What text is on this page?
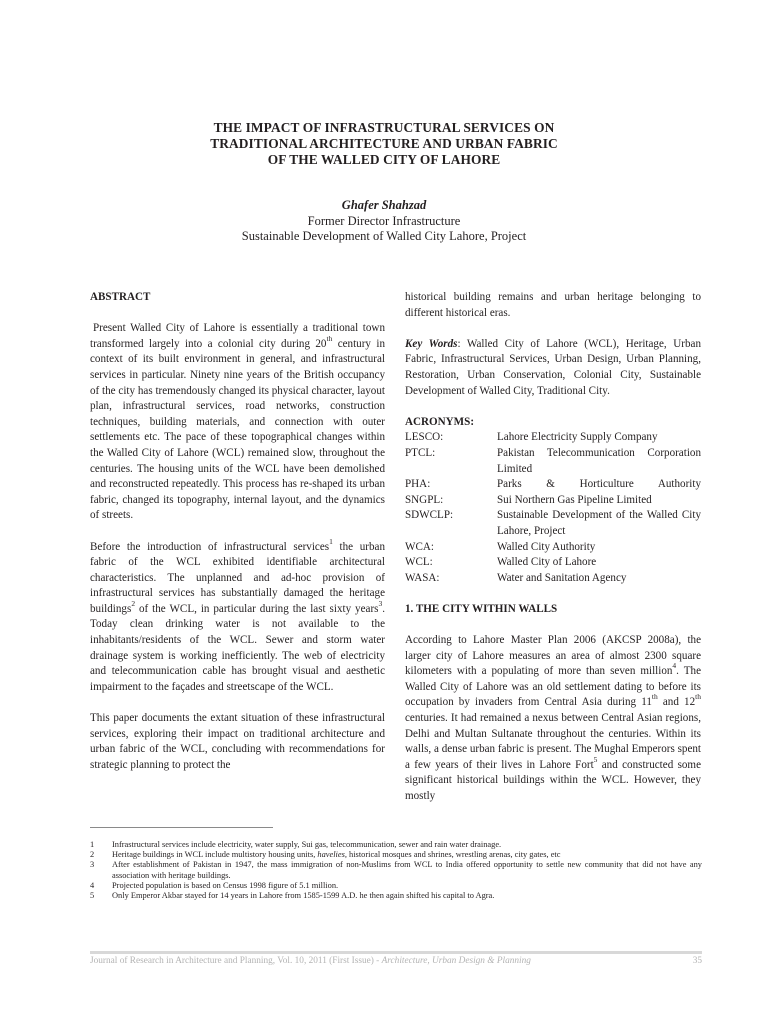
THE IMPACT OF INFRASTRUCTURAL SERVICES ON
TRADITIONAL ARCHITECTURE AND URBAN FABRIC
OF THE WALLED CITY OF LAHORE
Ghafer Shahzad
Former Director Infrastructure
Sustainable Development of Walled City Lahore, Project

ABSTRACT

Present Walled City of Lahore is essentially a traditional town transformed largely into a colonial city during 20th century in context of its built environment in general, and infrastructural services in particular. Ninety nine years of the British occupancy of the city has tremendously changed its physical character, layout plan, infrastructural services, road networks, construction techniques, building materials, and connection with outer settlements etc. The pace of these topographical changes within the Walled City of Lahore (WCL) remained slow, throughout the centuries. The housing units of the WCL have been demolished and reconstructed repeatedly. This process has re-shaped its urban fabric, changed its topography, internal layout, and the dynamics of streets.

Before the introduction of infrastructural services$^1$ the urban fabric of the WCL exhibited identifiable architectural characteristics. The unplanned and ad-hoc provision of infrastructural services has substantially damaged the heritage buildings$^2$ of the WCL, in particular during the last sixty years$^3$. Today clean drinking water is not available to the inhabitants/residents of the WCL. Sewer and storm water drainage system is working inefficiently. The web of electricity and telecommunication cable has brought visual and aesthetic impairment to the façades and streetscape of the WCL.

This paper documents the extant situation of these infrastructural services, exploring their impact on traditional architecture and urban fabric of the WCL, concluding with recommendations for strategic planning to protect the

historical building remains and urban heritage belonging to different historical eras.

Key Words: Walled City of Lahore (WCL), Heritage, Urban Fabric, Infrastructural Services, Urban Design, Urban Planning, Restoration, Urban Conservation, Colonial City, Sustainable Development of Walled City, Traditional City.

ACRONYMS:

LESCO:	Lahore Electricity Supply Company
PTCL:	Pakistan Telecommunication Corporation Limited
PHA:	Parks & Horticulture Authority
SNGPL:	Sui Northern Gas Pipeline Limited
SDWCLP:	Sustainable Development of the Walled City Lahore, Project
WCA:	Walled City Authority
WCL:	Walled City of Lahore
WASA:	Water and Sanitation Agency

1. THE CITY WITHIN WALLS

According to Lahore Master Plan 2006 (AKCSP 2008a), the larger city of Lahore measures an area of almost 2300 square kilometers with a populating of more than seven million$^4$. The Walled City of Lahore was an old settlement dating to before its occupation by invaders from Central Asia during 11th and 12th centuries. It had remained a nexus between Central Asian regions, Delhi and Multan Sultanate throughout the centuries. Within its walls, a dense urban fabric is present. The Mughal Emperors spent a few years of their lives in Lahore Fort$^5$ and constructed some significant historical buildings within the WCL. However, they mostly

1	Infrastructural services include electricity, water supply, Sui gas, telecommunication, sewer and rain water drainage.
2	Heritage buildings in WCL include multistory housing units, havelies, historical mosques and shrines, wrestling arenas, city gates, etc
3	After establishment of Pakistan in 1947, the mass immigration of non-Muslims from WCL to India offered opportunity to settle new community that did not have any association with heritage buildings.
4	Projected population is based on Census 1998 figure of 5.1 million.
5	Only Emperor Akbar stayed for 14 years in Lahore from 1585-1599 A.D. he then again shifted his capital to Agra.
Journal of Research in Architecture and Planning, Vol. 10, 2011 (First Issue) - Architecture, Urban Design & Planning	35
